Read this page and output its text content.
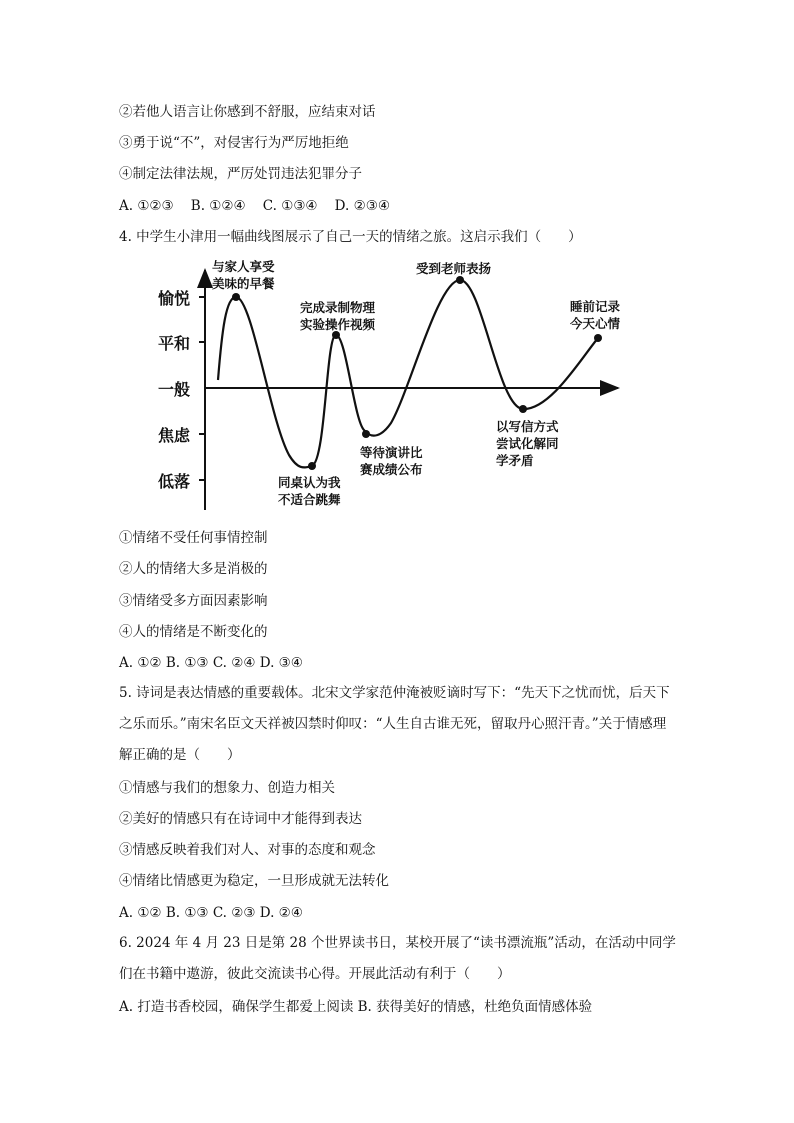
②若他人语言让你感到不舒服，应结束对话
③勇于说“不”，对侵害行为严厉地拒绝
④制定法律法规，严厉处罚违法犯罪分子
A. ①②③    B. ①②④    C. ①③④    D. ②③④
4. 中学生小津用一幅曲线图展示了自己一天的情绪之旅。这启示我们（　　）
愉悦
平和
一般
焦虑
低落
与家人享受
美味的早餐
同桌认为我
不适合跳舞
完成录制物理
实验操作视频
等待演讲比
赛成绩公布
受到老师表扬
以写信方式
尝试化解同
学矛盾
睡前记录
今天心情
①情绪不受任何事情控制
②人的情绪大多是消极的
③情绪受多方面因素影响
④人的情绪是不断变化的
A. ①② B. ①③ C. ②④ D. ③④
5. 诗词是表达情感的重要载体。北宋文学家范仲淹被贬谪时写下：“先天下之忧而忧，后天下之乐而乐。”南宋名臣文天祥被囚禁时仰叹：“人生自古谁无死，留取丹心照汗青。”关于情感理解正确的是（　　）
①情感与我们的想象力、创造力相关
②美好的情感只有在诗词中才能得到表达
③情感反映着我们对人、对事的态度和观念
④情绪比情感更为稳定，一旦形成就无法转化
A. ①② B. ①③ C. ②③ D. ②④
6. 2024 年 4 月 23 日是第 28 个世界读书日，某校开展了“读书漂流瓶”活动，在活动中同学们在书籍中遨游，彼此交流读书心得。开展此活动有利于（　　）
A. 打造书香校园，确保学生都爱上阅读 B. 获得美好的情感，杜绝负面情感体验
